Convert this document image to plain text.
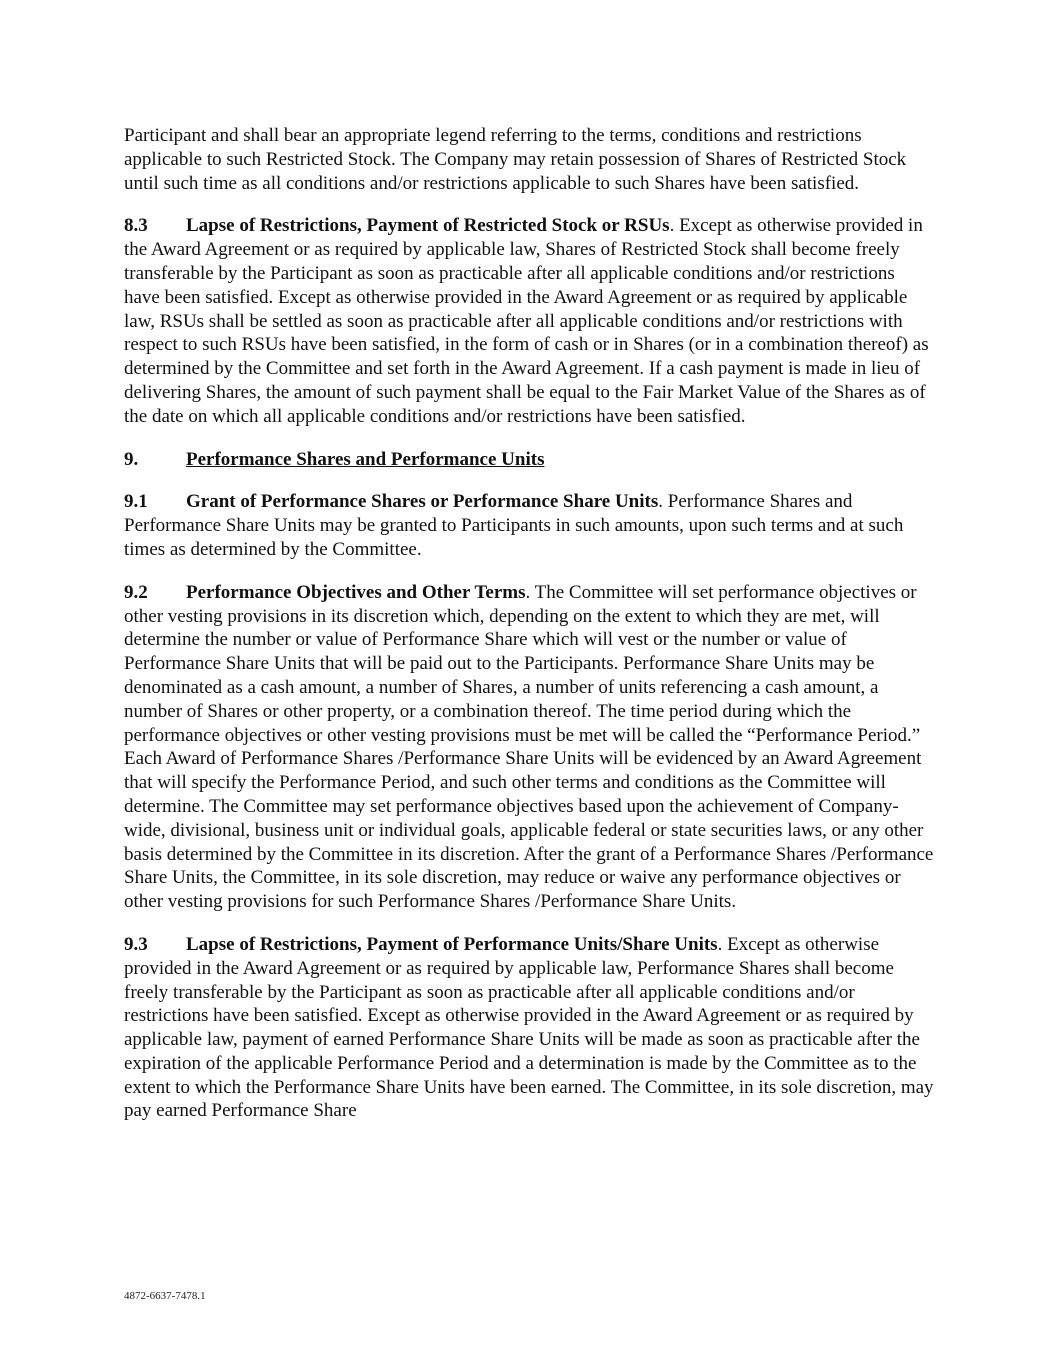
Participant and shall bear an appropriate legend referring to the terms, conditions and restrictions applicable to such Restricted Stock. The Company may retain possession of Shares of Restricted Stock until such time as all conditions and/or restrictions applicable to such Shares have been satisfied.

8.3 Lapse of Restrictions, Payment of Restricted Stock or RSUs. Except as otherwise provided in the Award Agreement or as required by applicable law, Shares of Restricted Stock shall become freely transferable by the Participant as soon as practicable after all applicable conditions and/or restrictions have been satisfied. Except as otherwise provided in the Award Agreement or as required by applicable law, RSUs shall be settled as soon as practicable after all applicable conditions and/or restrictions with respect to such RSUs have been satisfied, in the form of cash or in Shares (or in a combination thereof) as determined by the Committee and set forth in the Award Agreement. If a cash payment is made in lieu of delivering Shares, the amount of such payment shall be equal to the Fair Market Value of the Shares as of the date on which all applicable conditions and/or restrictions have been satisfied.

9.	Performance Shares and Performance Units

9.1 Grant of Performance Shares or Performance Share Units. Performance Shares and Performance Share Units may be granted to Participants in such amounts, upon such terms and at such times as determined by the Committee.

9.2 Performance Objectives and Other Terms. The Committee will set performance objectives or other vesting provisions in its discretion which, depending on the extent to which they are met, will determine the number or value of Performance Share which will vest or the number or value of Performance Share Units that will be paid out to the Participants. Performance Share Units may be denominated as a cash amount, a number of Shares, a number of units referencing a cash amount, a number of Shares or other property, or a combination thereof. The time period during which the performance objectives or other vesting provisions must be met will be called the “Performance Period.” Each Award of Performance Shares /Performance Share Units will be evidenced by an Award Agreement that will specify the Performance Period, and such other terms and conditions as the Committee will determine. The Committee may set performance objectives based upon the achievement of Company-wide, divisional, business unit or individual goals, applicable federal or state securities laws, or any other basis determined by the Committee in its discretion. After the grant of a Performance Shares /Performance Share Units, the Committee, in its sole discretion, may reduce or waive any performance objectives or other vesting provisions for such Performance Shares /Performance Share Units.

9.3 Lapse of Restrictions, Payment of Performance Units/Share Units. Except as otherwise provided in the Award Agreement or as required by applicable law, Performance Shares shall become freely transferable by the Participant as soon as practicable after all applicable conditions and/or restrictions have been satisfied. Except as otherwise provided in the Award Agreement or as required by applicable law, payment of earned Performance Share Units will be made as soon as practicable after the expiration of the applicable Performance Period and a determination is made by the Committee as to the extent to which the Performance Share Units have been earned. The Committee, in its sole discretion, may pay earned Performance Share

4872-6637-7478.1
